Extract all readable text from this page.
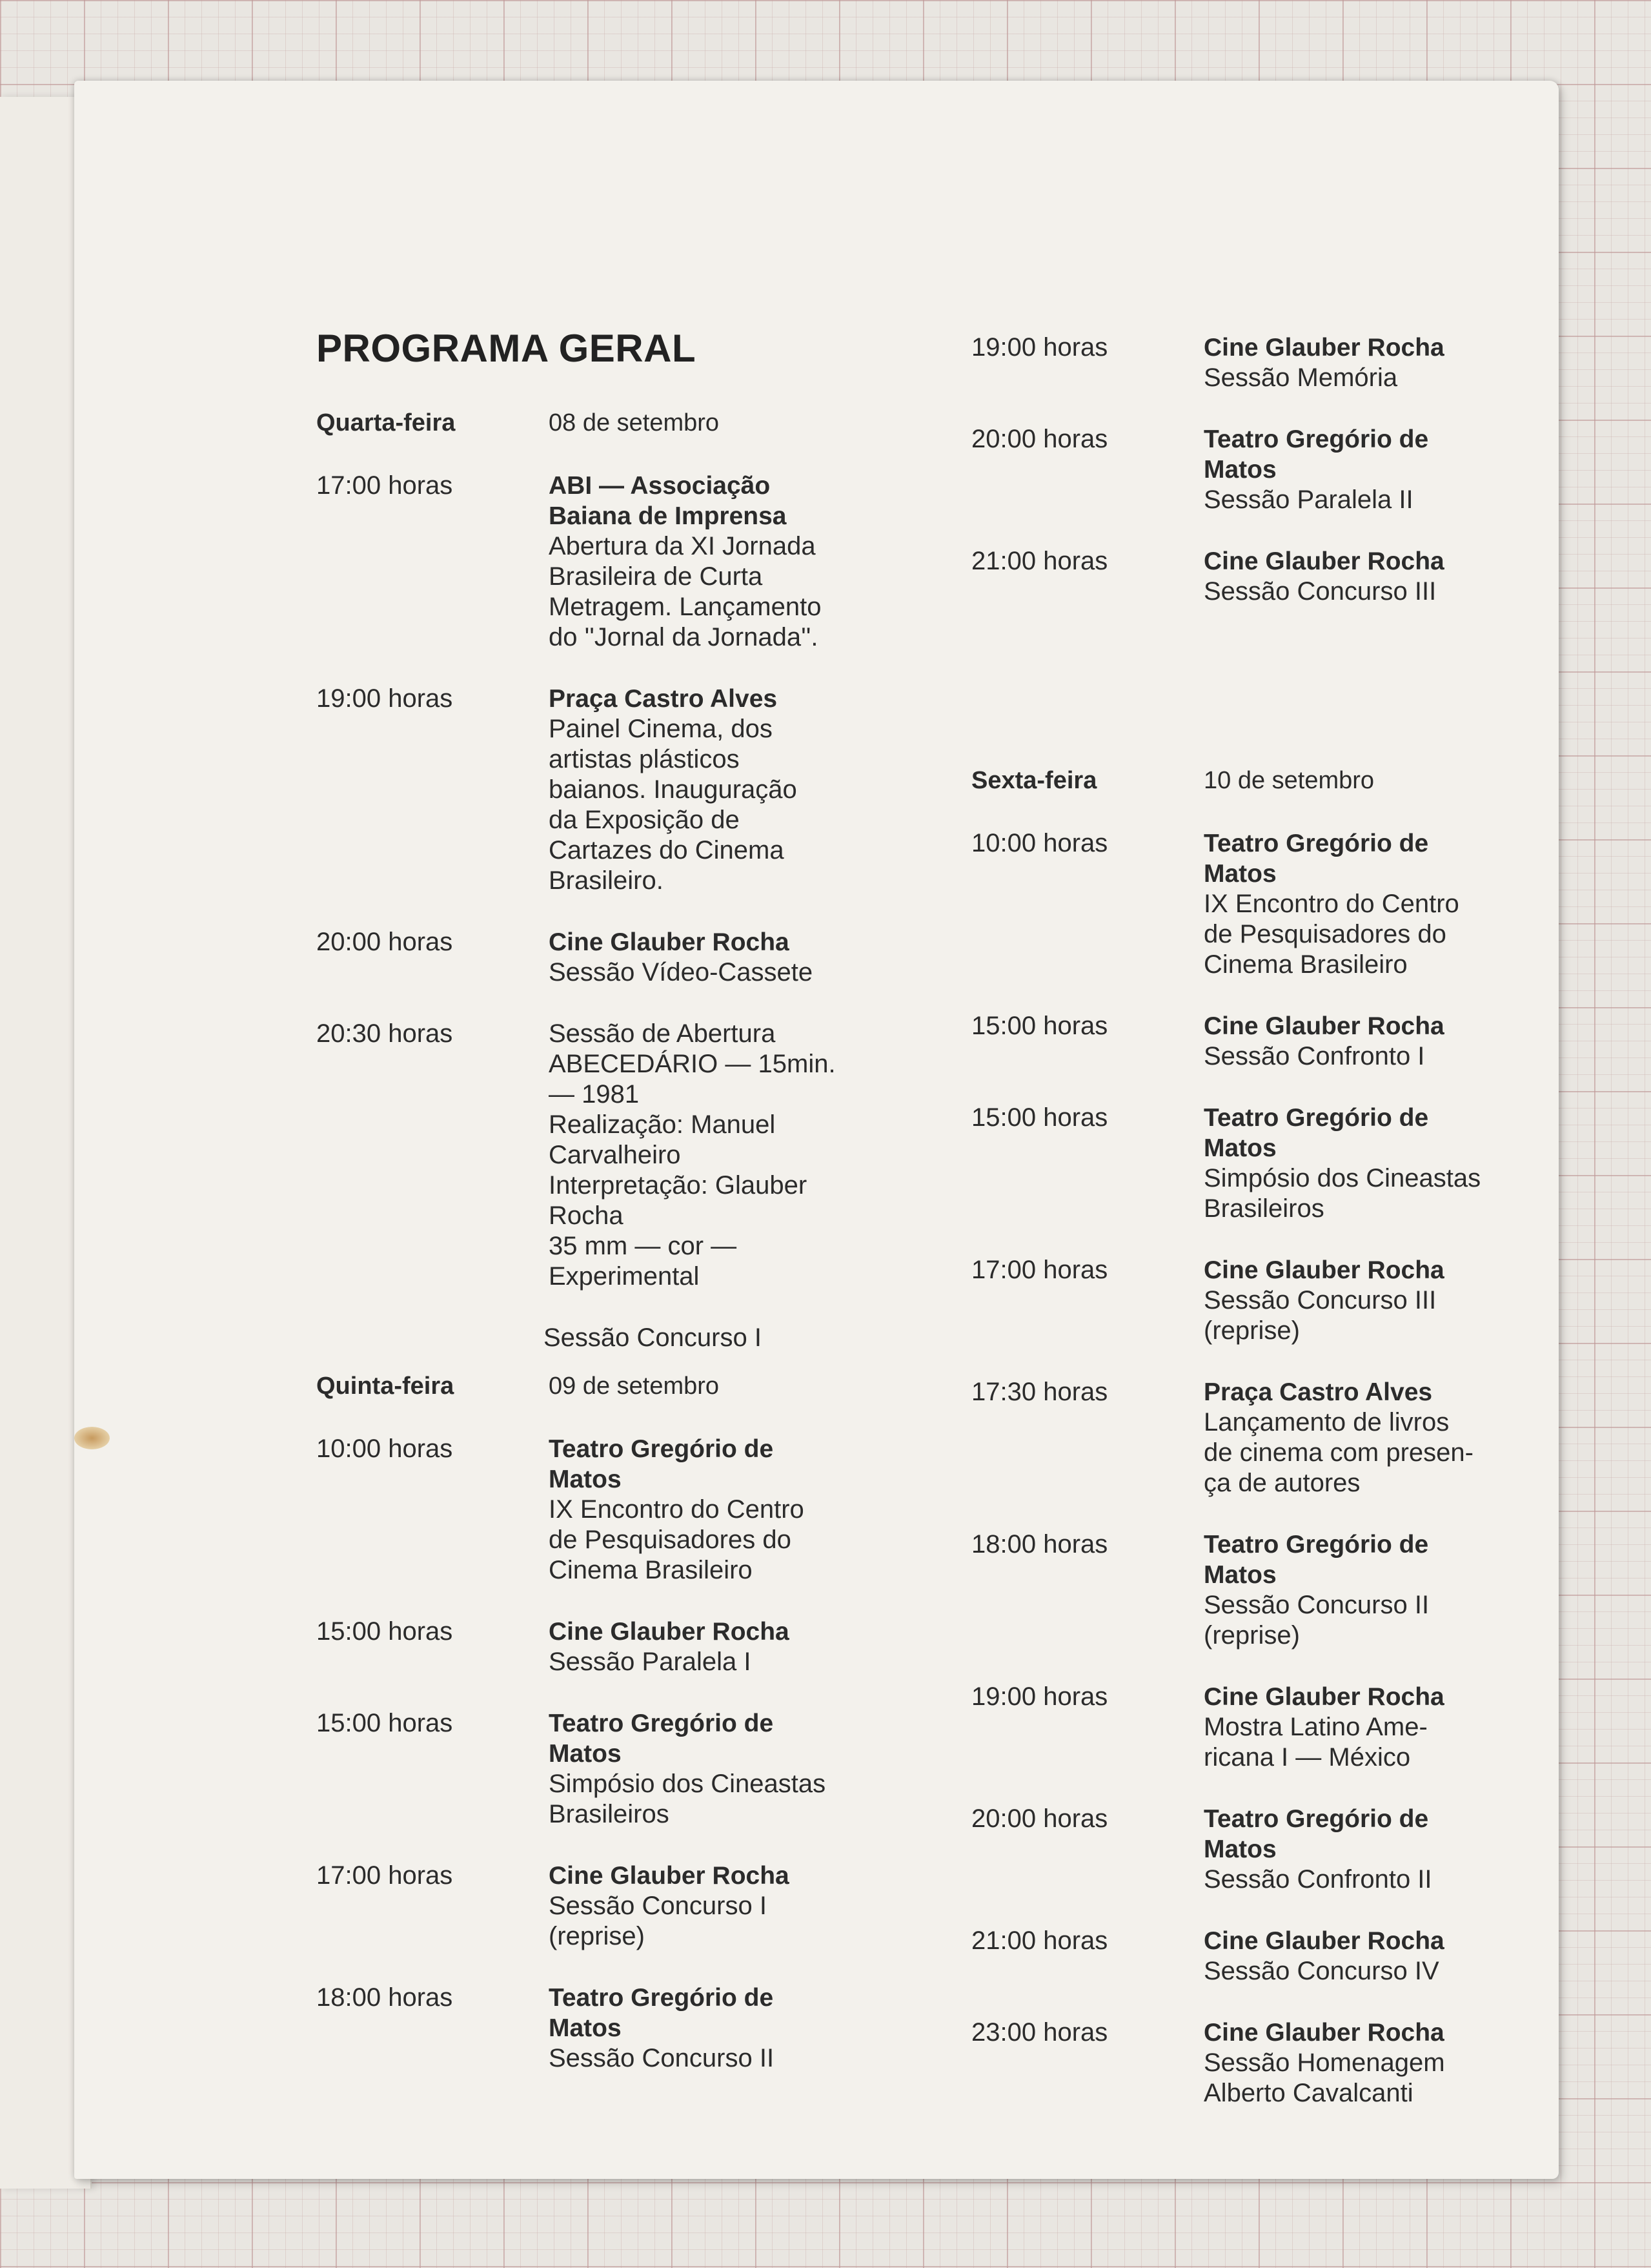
PROGRAMA GERAL
Quarta-feira	08 de setembro
17:00 horas	ABI — Associação
Baiana de Imprensa
Abertura da XI Jornada
Brasileira de Curta
Metragem. Lançamento
do ''Jornal da Jornada''.
19:00 horas	Praça Castro Alves
Painel Cinema, dos
artistas plásticos
baianos. Inauguração
da Exposição de
Cartazes do Cinema
Brasileiro.
20:00 horas	Cine Glauber Rocha
Sessão Vídeo-Cassete
20:30 horas	Sessão de Abertura
ABECEDÁRIO — 15min.
— 1981
Realização: Manuel
Carvalheiro
Interpretação: Glauber
Rocha
35 mm — cor —
Experimental
Sessão Concurso I
Quinta-feira	09 de setembro
10:00 horas	Teatro Gregório de
Matos
IX Encontro do Centro
de Pesquisadores do
Cinema Brasileiro
15:00 horas	Cine Glauber Rocha
Sessão Paralela I
15:00 horas	Teatro Gregório de
Matos
Simpósio dos Cineastas
Brasileiros
17:00 horas	Cine Glauber Rocha
Sessão Concurso I
(reprise)
18:00 horas	Teatro Gregório de
Matos
Sessão Concurso II
19:00 horas	Cine Glauber Rocha
Sessão Memória
20:00 horas	Teatro Gregório de
Matos
Sessão Paralela II
21:00 horas	Cine Glauber Rocha
Sessão Concurso III
Sexta-feira	10 de setembro
10:00 horas	Teatro Gregório de
Matos
IX Encontro do Centro
de Pesquisadores do
Cinema Brasileiro
15:00 horas	Cine Glauber Rocha
Sessão Confronto I
15:00 horas	Teatro Gregório de
Matos
Simpósio dos Cineastas
Brasileiros
17:00 horas	Cine Glauber Rocha
Sessão Concurso III
(reprise)
17:30 horas	Praça Castro Alves
Lançamento de livros
de cinema com presen-
ça de autores
18:00 horas	Teatro Gregório de
Matos
Sessão Concurso II
(reprise)
19:00 horas	Cine Glauber Rocha
Mostra Latino Ame-
ricana I — México
20:00 horas	Teatro Gregório de
Matos
Sessão Confronto II
21:00 horas	Cine Glauber Rocha
Sessão Concurso IV
23:00 horas	Cine Glauber Rocha
Sessão Homenagem
Alberto Cavalcanti
